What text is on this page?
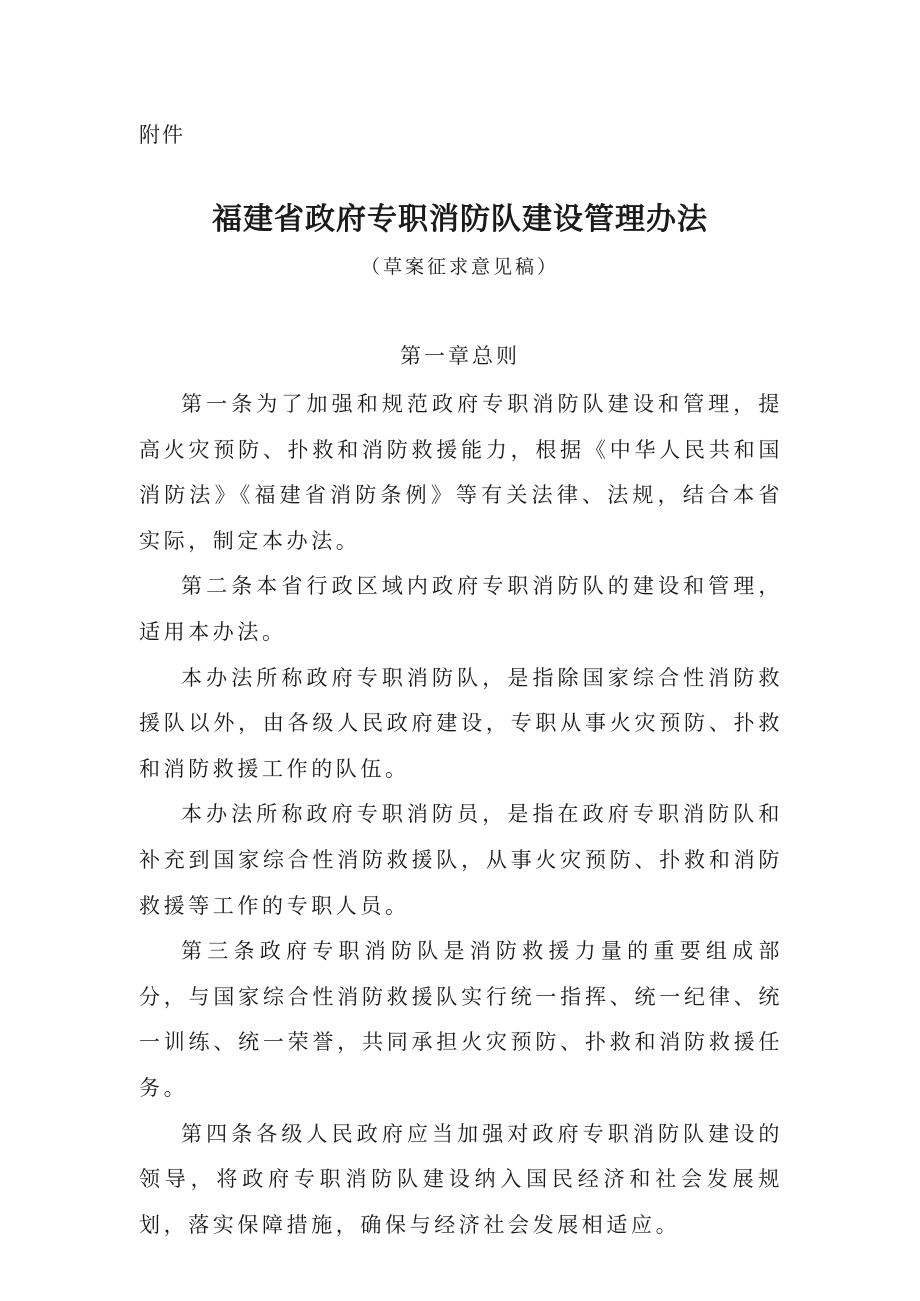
附件
福建省政府专职消防队建设管理办法
（草案征求意见稿）
第一章总则

第一条为了加强和规范政府专职消防队建设和管理，提高火灾预防、扑救和消防救援能力，根据《中华人民共和国消防法》《福建省消防条例》等有关法律、法规，结合本省实际，制定本办法。

第二条本省行政区域内政府专职消防队的建设和管理，适用本办法。

本办法所称政府专职消防队，是指除国家综合性消防救援队以外，由各级人民政府建设，专职从事火灾预防、扑救和消防救援工作的队伍。

本办法所称政府专职消防员，是指在政府专职消防队和补充到国家综合性消防救援队，从事火灾预防、扑救和消防救援等工作的专职人员。

第三条政府专职消防队是消防救援力量的重要组成部分，与国家综合性消防救援队实行统一指挥、统一纪律、统一训练、统一荣誉，共同承担火灾预防、扑救和消防救援任务。

第四条各级人民政府应当加强对政府专职消防队建设的领导，将政府专职消防队建设纳入国民经济和社会发展规划，落实保障措施，确保与经济社会发展相适应。
